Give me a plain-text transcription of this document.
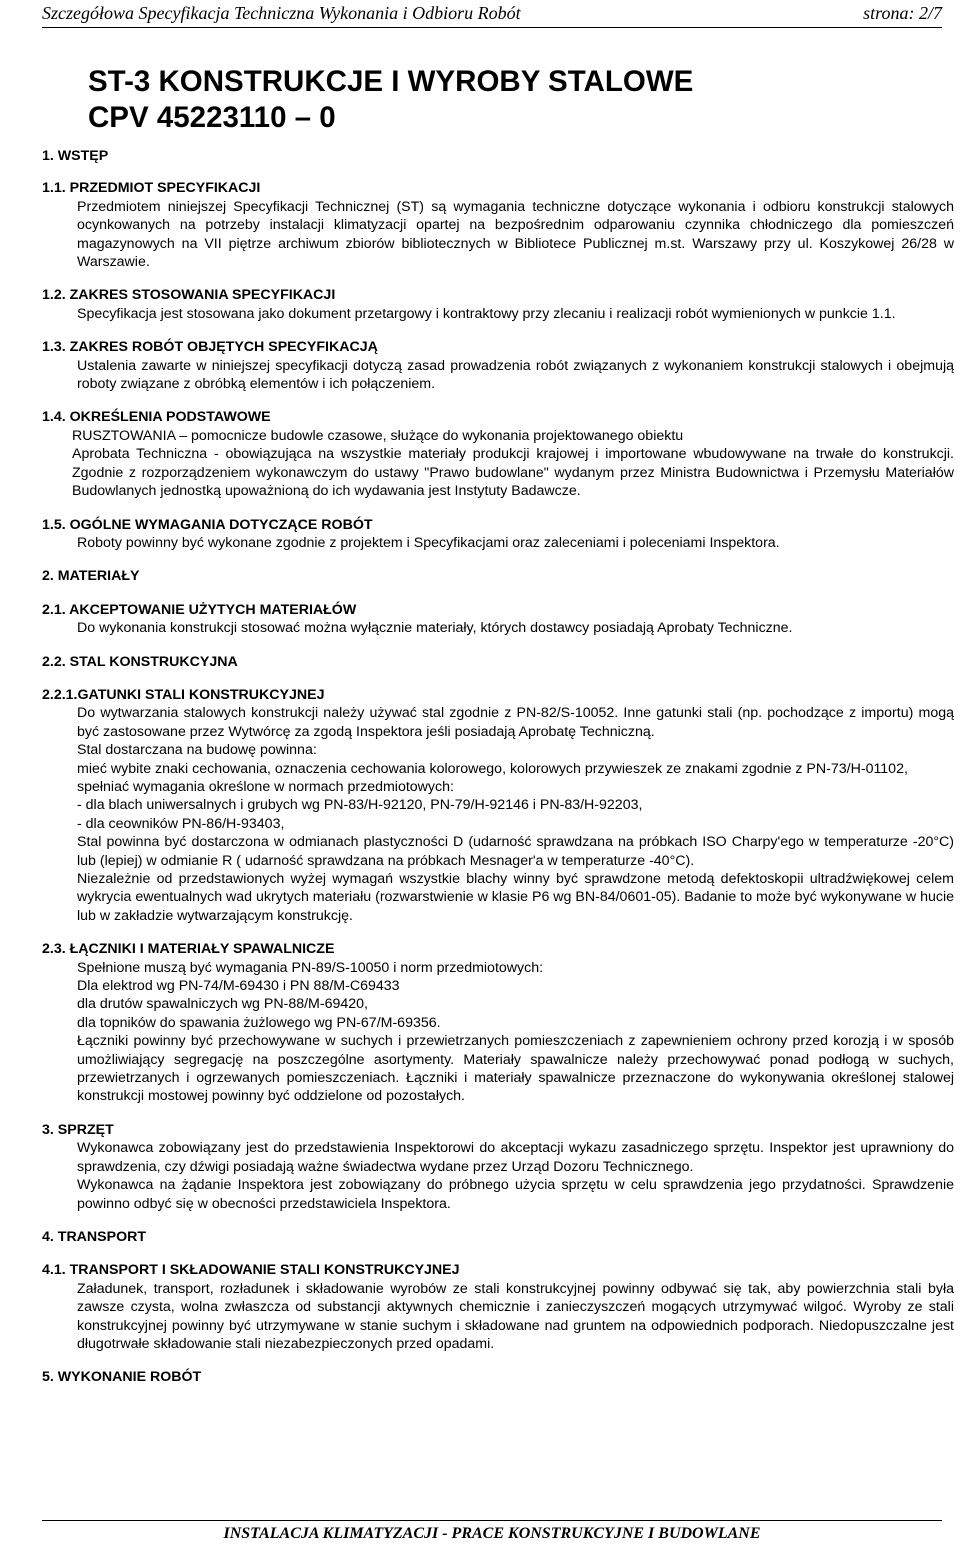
Szczegółowa Specyfikacja Techniczna Wykonania i Odbioru Robót	strona: 2/7
ST-3 KONSTRUKCJE I WYROBY STALOWE
CPV 45223110 – 0
1. WSTĘP
1.1. PRZEDMIOT SPECYFIKACJI

Przedmiotem niniejszej Specyfikacji Technicznej (ST) są wymagania techniczne dotyczące wykonania i odbioru konstrukcji stalowych ocynkowanych na potrzeby instalacji klimatyzacji opartej na bezpośrednim odparowaniu czynnika chłodniczego dla pomieszczeń magazynowych na VII piętrze archiwum zbiorów bibliotecznych w Bibliotece Publicznej m.st. Warszawy przy ul. Koszykowej 26/28 w Warszawie.

1.2. ZAKRES STOSOWANIA SPECYFIKACJI

Specyfikacja jest stosowana jako dokument przetargowy i kontraktowy przy zlecaniu i realizacji robót wymienionych w punkcie 1.1.

1.3. ZAKRES ROBÓT OBJĘTYCH SPECYFIKACJĄ

Ustalenia zawarte w niniejszej specyfikacji dotyczą zasad prowadzenia robót związanych z wykonaniem konstrukcji stalowych i obejmują roboty związane z obróbką elementów i ich połączeniem.

1.4. OKREŚLENIA PODSTAWOWE

RUSZTOWANIA – pomocnicze budowle czasowe, służące do wykonania projektowanego obiektu

Aprobata Techniczna - obowiązująca na wszystkie materiały produkcji krajowej i importowane wbudowywane na trwałe do konstrukcji. Zgodnie z rozporządzeniem wykonawczym do ustawy "Prawo budowlane" wydanym przez Ministra Budownictwa i Przemysłu Materiałów Budowlanych jednostką upoważnioną do ich wydawania jest Instytuty Badawcze.

1.5. OGÓLNE WYMAGANIA DOTYCZĄCE ROBÓT

Roboty powinny być wykonane zgodnie z projektem i Specyfikacjami oraz zaleceniami i poleceniami Inspektora.

2. MATERIAŁY
2.1. AKCEPTOWANIE UŻYTYCH MATERIAŁÓW

Do wykonania konstrukcji stosować można wyłącznie materiały, których dostawcy posiadają Aprobaty Techniczne.

2.2. STAL KONSTRUKCYJNA
2.2.1.GATUNKI STALI KONSTRUKCYJNEJ

Do wytwarzania stalowych konstrukcji należy używać stal zgodnie z PN-82/S-10052. Inne gatunki stali (np. pochodzące z importu) mogą być zastosowane przez Wytwórcę za zgodą Inspektora jeśli posiadają Aprobatę Techniczną.

Stal dostarczana na budowę powinna:

mieć wybite znaki cechowania, oznaczenia cechowania kolorowego, kolorowych przywieszek ze znakami zgodnie z PN-73/H-01102,

spełniać wymagania określone w normach przedmiotowych:

- dla blach uniwersalnych i grubych wg PN-83/H-92120, PN-79/H-92146 i PN-83/H-92203,

- dla ceowników PN-86/H-93403,

Stal powinna być dostarczona w odmianach plastyczności D (udarność sprawdzana na próbkach ISO Charpy'ego w temperaturze -20°C) lub (lepiej) w odmianie R ( udarność sprawdzana na próbkach Mesnager'a w temperaturze -40°C).

Niezależnie od przedstawionych wyżej wymagań wszystkie blachy winny być sprawdzone metodą defektoskopii ultradźwiękowej celem wykrycia ewentualnych wad ukrytych materiału (rozwarstwienie w klasie P6 wg BN-84/0601-05). Badanie to może być wykonywane w hucie lub w zakładzie wytwarzającym konstrukcję.

2.3. ŁĄCZNIKI I MATERIAŁY SPAWALNICZE

Spełnione muszą być wymagania PN-89/S-10050 i norm przedmiotowych:

Dla elektrod wg PN-74/M-69430 i PN 88/M-C69433

dla drutów spawalniczych wg PN-88/M-69420,

dla topników do spawania żużlowego wg PN-67/M-69356.

Łączniki powinny być przechowywane w suchych i przewietrzanych pomieszczeniach z zapewnieniem ochrony przed korozją i w sposób umożliwiający segregację na poszczególne asortymenty. Materiały spawalnicze należy przechowywać ponad podłogą w suchych, przewietrzanych i ogrzewanych pomieszczeniach. Łączniki i materiały spawalnicze przeznaczone do wykonywania określonej stalowej konstrukcji mostowej powinny być oddzielone od pozostałych.

3. SPRZĘT

Wykonawca zobowiązany jest do przedstawienia Inspektorowi do akceptacji wykazu zasadniczego sprzętu. Inspektor jest uprawniony do sprawdzenia, czy dźwigi posiadają ważne świadectwa wydane przez Urząd Dozoru Technicznego.

Wykonawca na żądanie Inspektora jest zobowiązany do próbnego użycia sprzętu w celu sprawdzenia jego przydatności. Sprawdzenie powinno odbyć się w obecności przedstawiciela Inspektora.

4. TRANSPORT
4.1. TRANSPORT I SKŁADOWANIE STALI KONSTRUKCYJNEJ

Załadunek, transport, rozładunek i składowanie wyrobów ze stali konstrukcyjnej powinny odbywać się tak, aby powierzchnia stali była zawsze czysta, wolna zwłaszcza od substancji aktywnych chemicznie i zanieczyszczeń mogących utrzymywać wilgoć. Wyroby ze stali konstrukcyjnej powinny być utrzymywane w stanie suchym i składowane nad gruntem na odpowiednich podporach. Niedopuszczalne jest długotrwałe składowanie stali niezabezpieczonych przed opadami.

5. WYKONANIE ROBÓT
INSTALACJA KLIMATYZACJI - PRACE KONSTRUKCYJNE I BUDOWLANE
